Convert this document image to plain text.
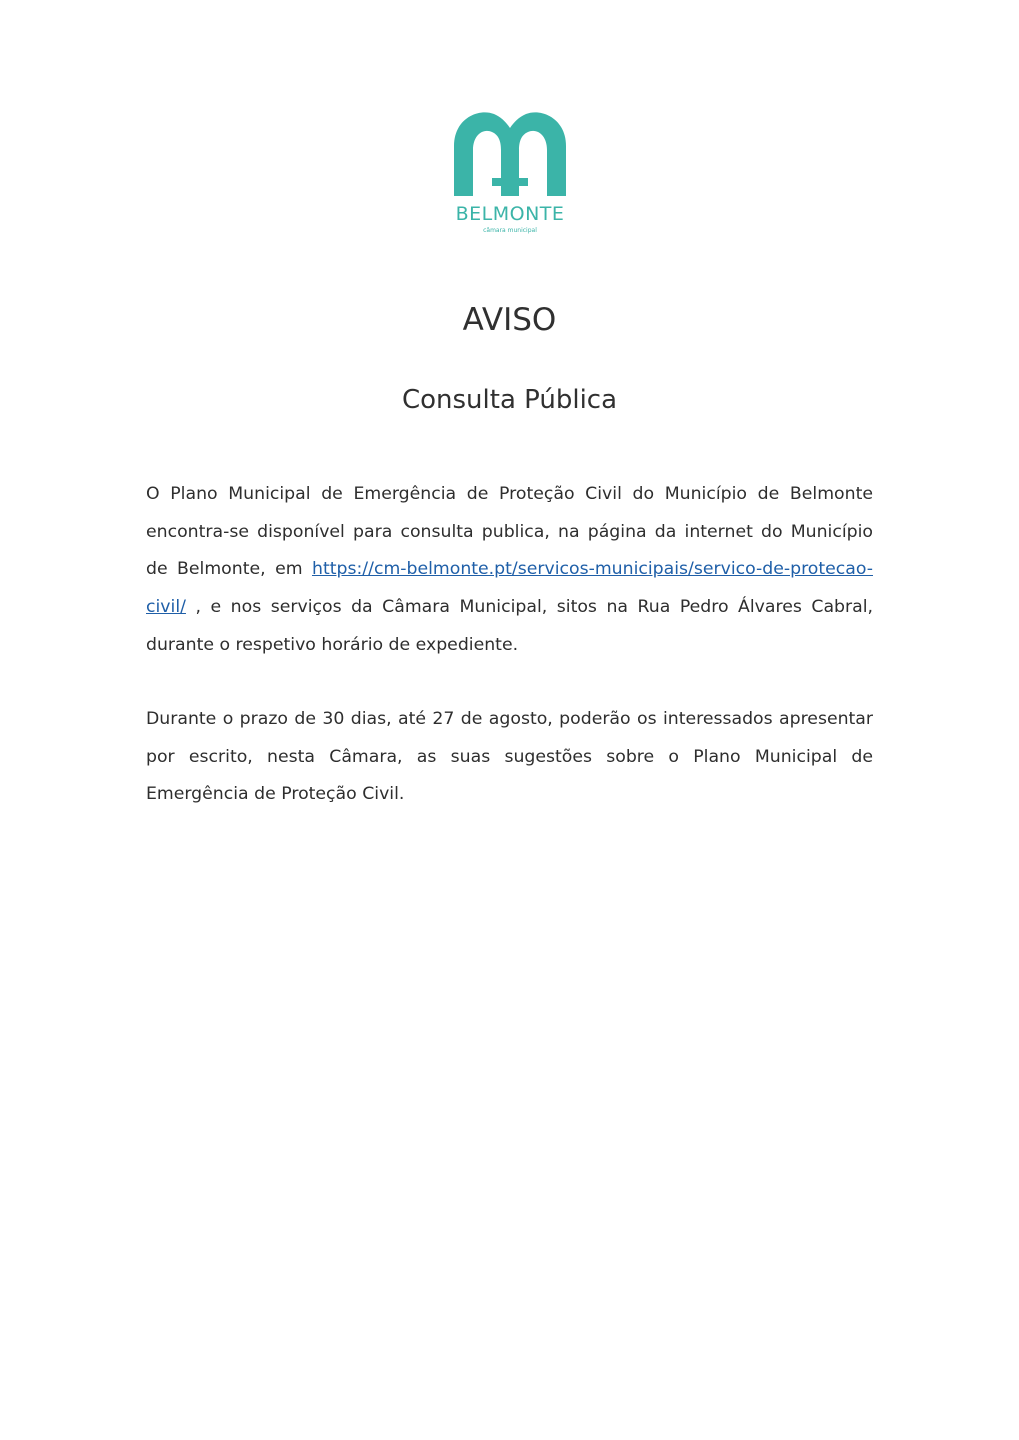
BELMONTE
câmara municipal
AVISO
Consulta Pública

O Plano Municipal de Emergência de Proteção Civil do Município de Belmonte encontra-se disponível para consulta publica, na página da internet do Município de Belmonte, em https://cm-belmonte.pt/servicos-municipais/servico-de-protecao-civil/ , e nos serviços da Câmara Municipal, sitos na Rua Pedro Álvares Cabral, durante o respetivo horário de expediente.

Durante o prazo de 30 dias, até 27 de agosto, poderão os interessados apresentar por escrito, nesta Câmara, as suas sugestões sobre o Plano Municipal de Emergência de Proteção Civil.
